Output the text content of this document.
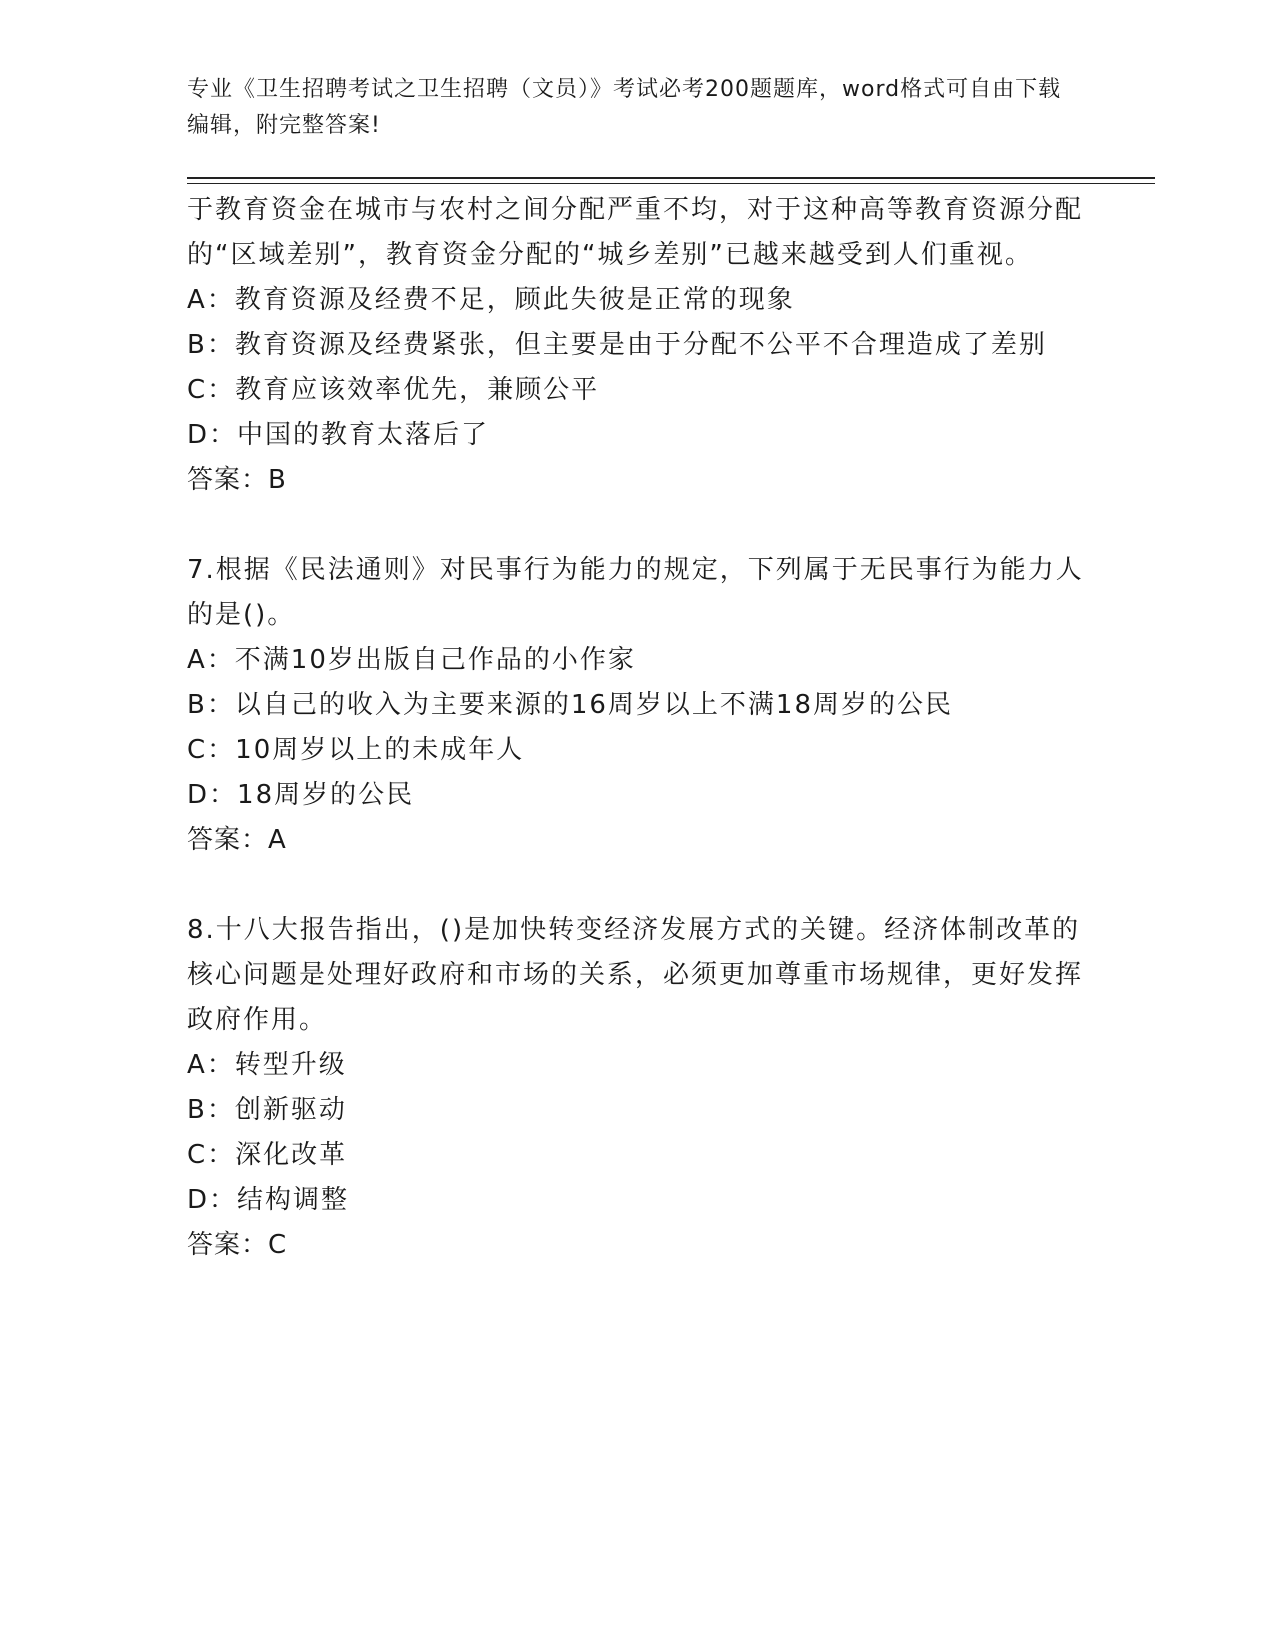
专业《卫生招聘考试之卫生招聘（文员）》考试必考200题题库，word格式可自由下载编辑，附完整答案!
于教育资金在城市与农村之间分配严重不均，对于这种高等教育资源分配的“区域差别”，教育资金分配的“城乡差别”已越来越受到人们重视。
A：教育资源及经费不足，顾此失彼是正常的现象
B：教育资源及经费紧张，但主要是由于分配不公平不合理造成了差别
C：教育应该效率优先，兼顾公平
D：中国的教育太落后了
答案：B
7.根据《民法通则》对民事行为能力的规定，下列属于无民事行为能力人的是()。
A：不满10岁出版自己作品的小作家
B：以自己的收入为主要来源的16周岁以上不满18周岁的公民
C：10周岁以上的未成年人
D：18周岁的公民
答案：A
8.十八大报告指出，()是加快转变经济发展方式的关键。经济体制改革的核心问题是处理好政府和市场的关系，必须更加尊重市场规律，更好发挥政府作用。
A：转型升级
B：创新驱动
C：深化改革
D：结构调整
答案：C
